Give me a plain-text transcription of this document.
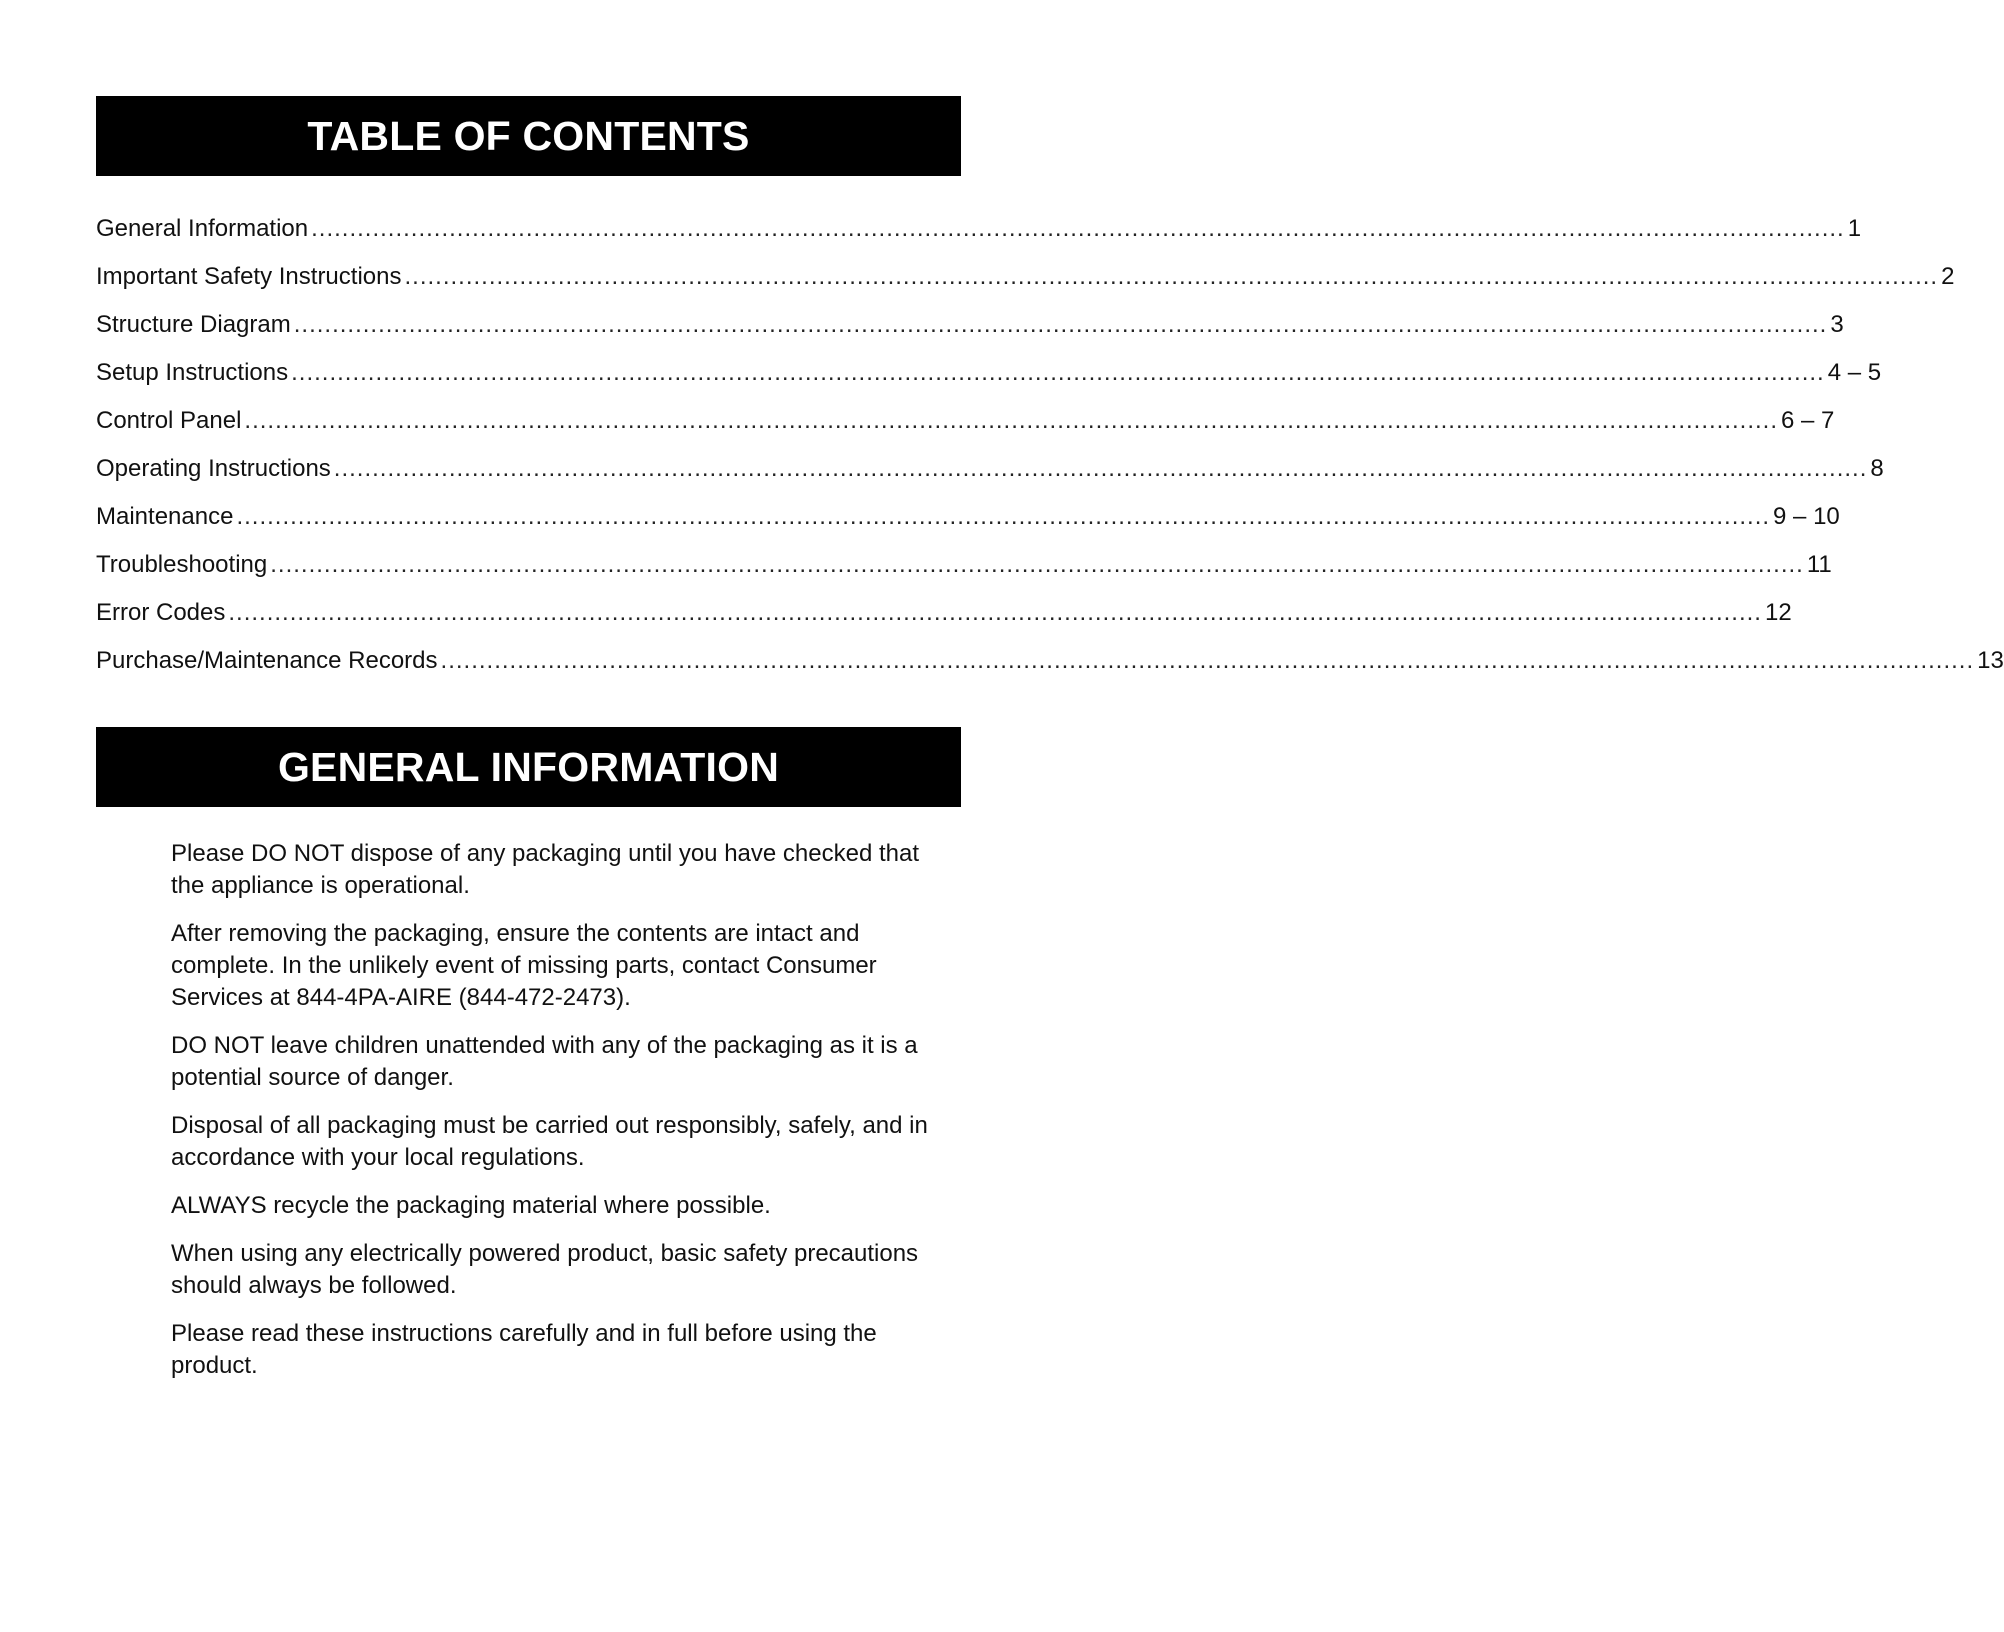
TABLE OF CONTENTS
General Information ........................................................................................................................................................................................................ 1
Important Safety Instructions ........................................................................................................................................................................................................ 2
Structure Diagram ........................................................................................................................................................................................................ 3
Setup Instructions ........................................................................................................................................................................................................ 4 – 5
Control Panel ........................................................................................................................................................................................................ 6 – 7
Operating Instructions ........................................................................................................................................................................................................ 8
Maintenance ........................................................................................................................................................................................................ 9 – 10
Troubleshooting ........................................................................................................................................................................................................ 11
Error Codes ........................................................................................................................................................................................................ 12
Purchase/Maintenance Records ........................................................................................................................................................................................................ 13
GENERAL INFORMATION

Please DO NOT dispose of any packaging until you have checked that the appliance is operational.

After removing the packaging, ensure the contents are intact and complete. In the unlikely event of missing parts, contact Consumer Services at 844-4PA-AIRE (844-472-2473).

DO NOT leave children unattended with any of the packaging as it is a potential source of danger.

Disposal of all packaging must be carried out responsibly, safely, and in accordance with your local regulations.

ALWAYS recycle the packaging material where possible.

When using any electrically powered product, basic safety precautions should always be followed.

Please read these instructions carefully and in full before using the product.
